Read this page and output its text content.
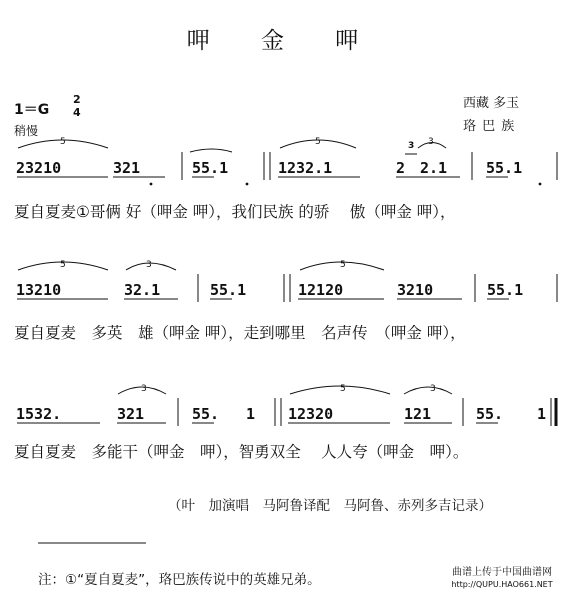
呷 金 呷
西藏 多玉
珞 巴 族
1＝G
2
4
稍慢
23210	321	55.1	1232.1	2 2.1	55.1
3
5	5	3
夏自夏麦①哥俩 好（呷金 呷），我们民族 的骄　 傲（呷金 呷），
13210	32.1	55.1	12120	3210	55.1
5	3	5
夏自夏麦　多英　雄（呷金 呷），走到哪里　名声传　（呷金 呷），
1532.	321	55. 1 12320	121	55. 1
3	5	3
夏自夏麦　多能干（呷金　呷），智勇双全　 人人夸（呷金　呷）。
（叶　加演唱　马阿鲁译配　马阿鲁、赤列多吉记录）
注：①“夏自夏麦”，珞巴族传说中的英雄兄弟。	曲谱上传于中国曲谱网
http://QUPU.HAO661.NET
